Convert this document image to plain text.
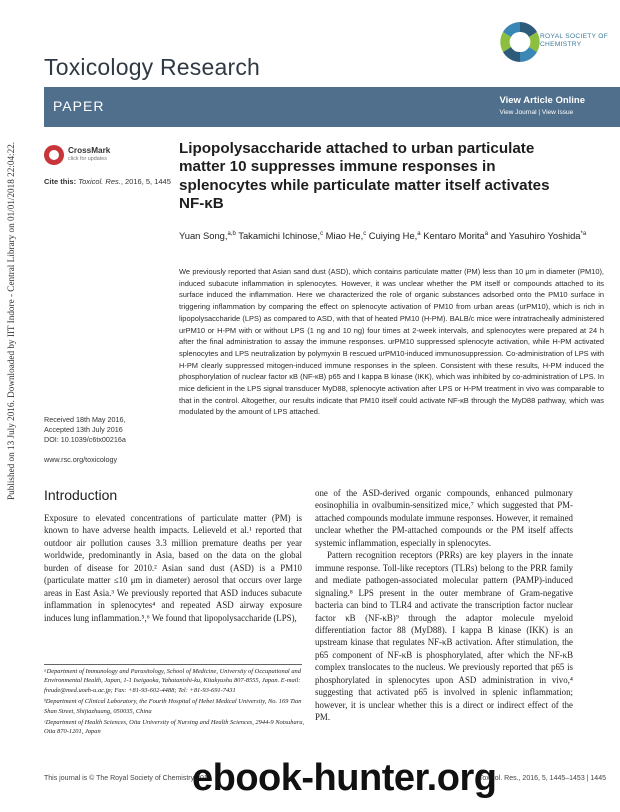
Published on 13 July 2016. Downloaded by IIT Indore - Central Library on 01/01/2018 22:04:22.
ROYAL SOCIETY OF CHEMISTRY
Toxicology Research
PAPER	View Article Online
View Journal | View Issue
CrossMark
click for updates
Cite this: Toxicol. Res., 2016, 5, 1445
Lipopolysaccharide attached to urban particulate matter 10 suppresses immune responses in splenocytes while particulate matter itself activates NF-κB
Yuan Song,$^{a,b}$ Takamichi Ichinose,$^c$ Miao He,$^c$ Cuiying He,$^a$ Kentaro Morita$^a$ and Yasuhiro Yoshida$^{*a}$
We previously reported that Asian sand dust (ASD), which contains particulate matter (PM) less than 10 μm in diameter (PM10), induced subacute inflammation in splenocytes. However, it was unclear whether the PM itself or compounds attached to its surface induced the inflammation. Here we characterized the role of organic substances adsorbed onto the PM10 surface in triggering inflammation by comparing the effect on splenocyte activation of PM10 from urban areas (urPM10), which is rich in lipopolysaccharide (LPS) as compared to ASD, with that of heated PM10 (H-PM). BALB/c mice were intratracheally administered urPM10 or H-PM with or without LPS (1 ng and 10 ng) four times at 2-week intervals, and splenocytes were prepared at 24 h after the final administration to assay the immune responses. urPM10 suppressed splenocyte activation, while H-PM activated splenocytes and LPS neutralization by polymyxin B rescued urPM10-induced immunosuppression. Co-administration of LPS with H-PM clearly suppressed mitogen-induced immune responses in the spleen. Consistent with these results, H-PM induced the phosphorylation of nuclear factor κB (NF-κB) p65 and I kappa B kinase (IKK), which was inhibited by co-administration of LPS. In mice deficient in the LPS signal transducer MyD88, splenocyte activation after LPS or H-PM treatment in vivo was comparable to that in the control. Altogether, our results indicate that PM10 itself could activate NF-κB through the MyD88 pathway, which was modulated by the amount of LPS attached.
Received 18th May 2016,
Accepted 13th July 2016
DOI: 10.1039/c6tx00216a
www.rsc.org/toxicology
Introduction

Exposure to elevated concentrations of particulate matter (PM) is known to have adverse health impacts. Lelieveld et al.¹ reported that outdoor air pollution causes 3.3 million premature deaths per year worldwide, predominantly in Asia, based on the data on the global burden of disease for 2010.² Asian sand dust (ASD) is a PM10 (particulate matter ≤10 μm in diameter) aerosol that occurs over large areas in East Asia.³ We previously reported that ASD induces subacute inflammation in splenocytes⁴ and repeated ASD airway exposure induces lung inflammation.⁵,⁶ We found that lipopolysaccharide (LPS),

one of the ASD-derived organic compounds, enhanced pulmonary eosinophilia in ovalbumin-sensitized mice,⁷ which suggested that PM-attached compounds modulate immune responses. However, it remained unclear whether the PM-attached compounds or the PM itself affects systemic inflammation, especially in splenocytes.

Pattern recognition receptors (PRRs) are key players in the innate immune response. Toll-like receptors (TLRs) belong to the PRR family and mediate pathogen-associated molecular pattern (PAMP)-induced signaling.⁸ LPS present in the outer membrane of Gram-negative bacteria can bind to TLR4 and activate the transcription factor nuclear factor κB (NF-κB)⁹ through the adaptor molecule myeloid differentiation factor 88 (MyD88). I kappa B kinase (IKK) is an upstream kinase that regulates NF-κB activation. After stimulation, the p65 component of NF-κB is phosphorylated, after which the NF-κB complex translocates to the nucleus. We previously reported that p65 is phosphorylated in splenocytes upon ASD administration in vivo,⁴ suggesting that activated p65 is involved in splenic inflammation; however, it is unclear whether this is a direct or indirect effect of the PM.

ᵃDepartment of Immunology and Parasitology, School of Medicine, University of Occupational and Environmental Health, Japan, 1-1 Iseigaoka, Yahatanishi-ku, Kitakyushu 807-8555, Japan. E-mail: freude@med.uoeh-u.ac.jp; Fax: +81-93-602-4488; Tel: +81-93-691-7431

ᵇDepartment of Clinical Laboratory, the Fourth Hospital of Hebei Medical University, No. 169 Tian Shan Street, Shijiazhuang, 050035, China

ᶜDepartment of Health Sciences, Oita University of Nursing and Health Sciences, 2944-9 Notsuharu, Oita 870-1201, Japan

This journal is © The Royal Society of Chemistry 2016	Toxicol. Res., 2016, 5, 1445–1453 | 1445
ebook-hunter.org
